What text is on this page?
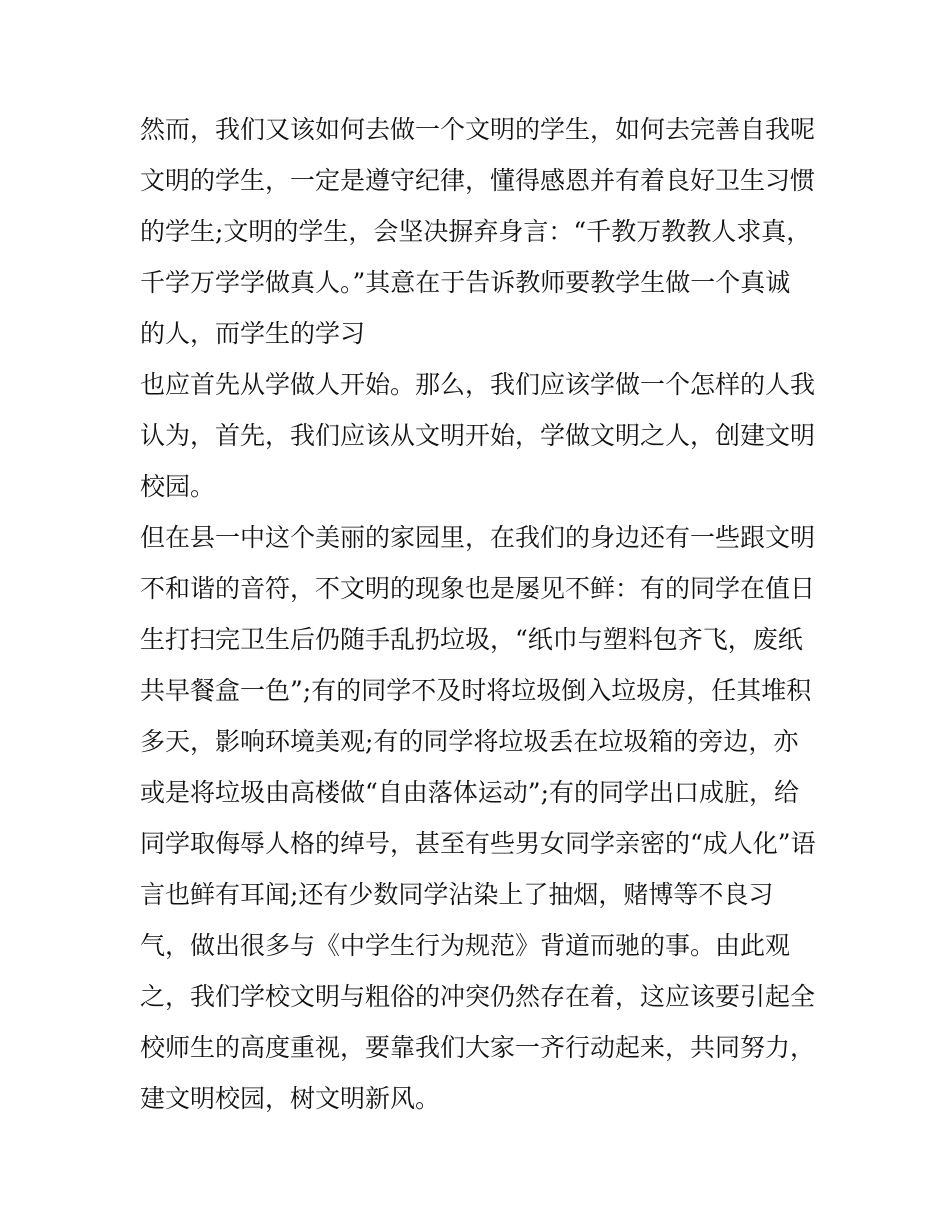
然而，我们又该如何去做一个文明的学生，如何去完善自我呢
文明的学生，一定是遵守纪律，懂得感恩并有着良好卫生习惯
的学生;文明的学生，会坚决摒弃身言：“千教万教教人求真，
千学万学学做真人。”其意在于告诉教师要教学生做一个真诚
的人，而学生的学习
也应首先从学做人开始。那么，我们应该学做一个怎样的人我
认为，首先，我们应该从文明开始，学做文明之人，创建文明
校园。
但在县一中这个美丽的家园里，在我们的身边还有一些跟文明
不和谐的音符，不文明的现象也是屡见不鲜：有的同学在值日
生打扫完卫生后仍随手乱扔垃圾，“纸巾与塑料包齐飞，废纸
共早餐盒一色”;有的同学不及时将垃圾倒入垃圾房，任其堆积
多天，影响环境美观;有的同学将垃圾丢在垃圾箱的旁边，亦
或是将垃圾由高楼做“自由落体运动”;有的同学出口成脏，给
同学取侮辱人格的绰号，甚至有些男女同学亲密的“成人化”语
言也鲜有耳闻;还有少数同学沾染上了抽烟，赌博等不良习
气，做出很多与《中学生行为规范》背道而驰的事。由此观
之，我们学校文明与粗俗的冲突仍然存在着，这应该要引起全
校师生的高度重视，要靠我们大家一齐行动起来，共同努力，
建文明校园，树文明新风。
